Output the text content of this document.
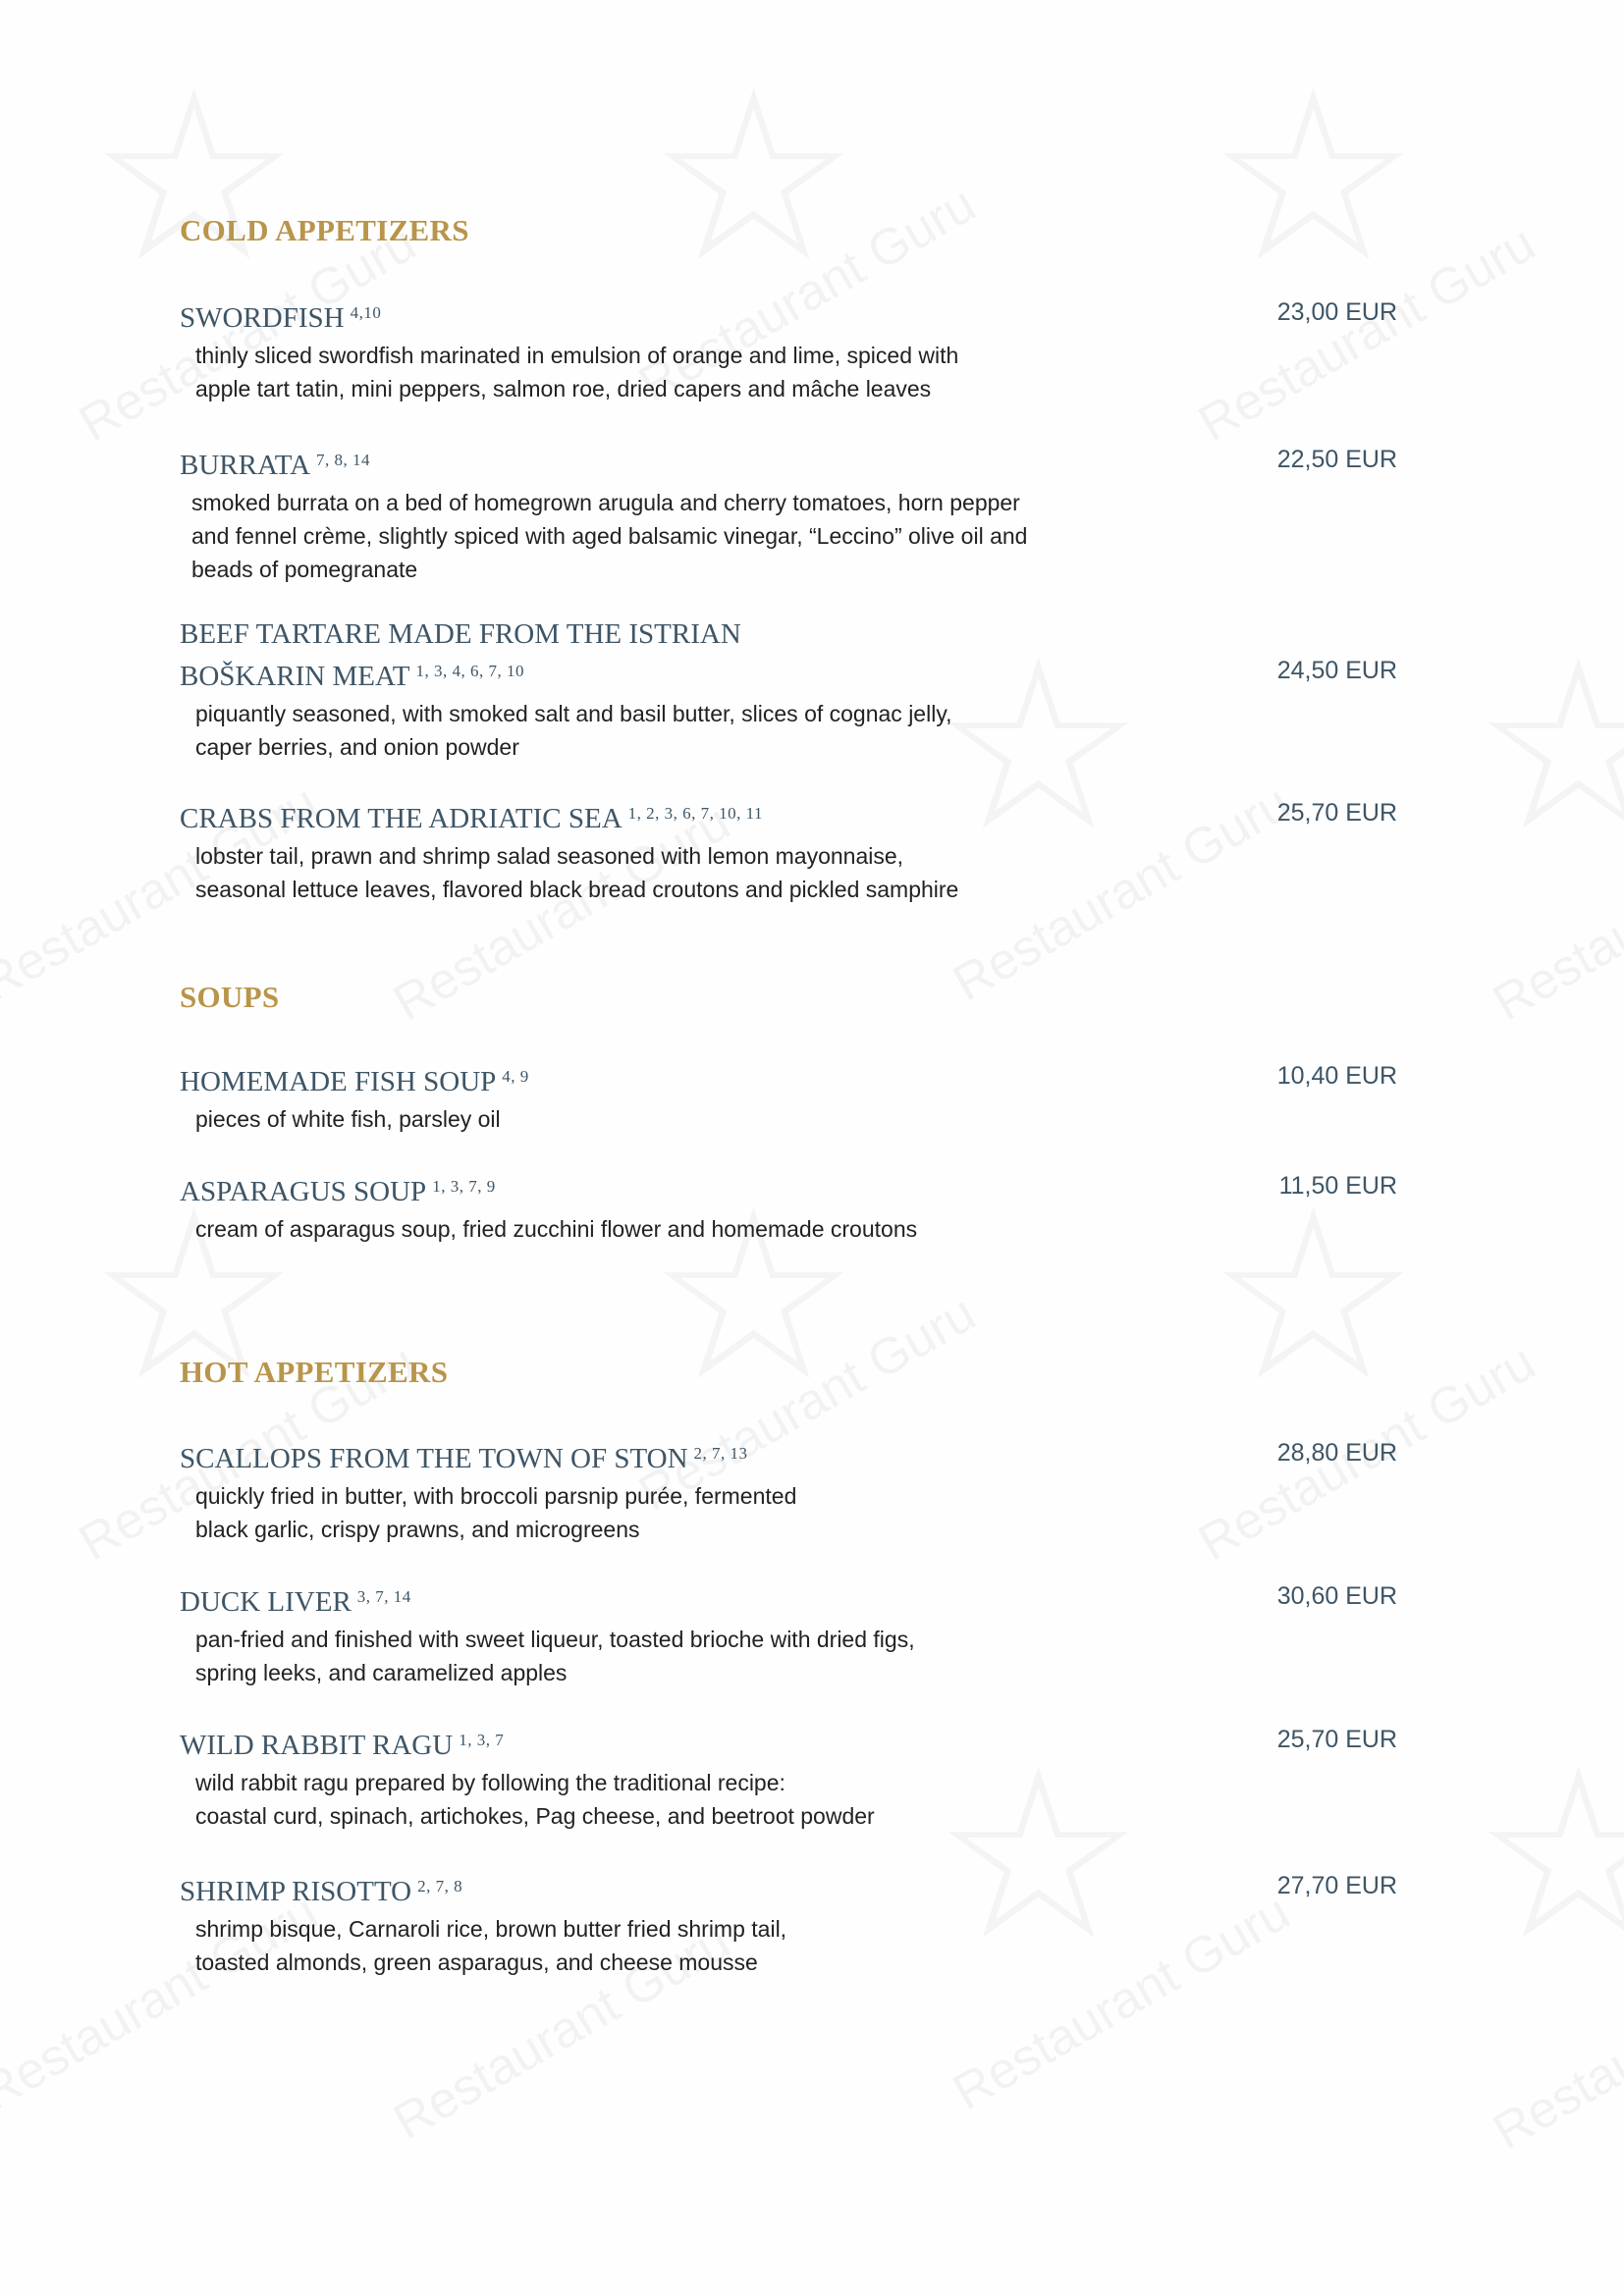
COLD APPETIZERS
SWORDFISH $^{4,10}$
thinly sliced swordfish marinated in emulsion of orange and lime, spiced with
apple tart tatin, mini peppers, salmon roe, dried capers and mâche leaves
23,00 EUR
BURRATA $^{7, 8, 14}$
smoked burrata on a bed of homegrown arugula and cherry tomatoes, horn pepper
and fennel crème, slightly spiced with aged balsamic vinegar, “Leccino” olive oil and
beads of pomegranate
22,50 EUR
BEEF TARTARE MADE FROM THE ISTRIAN BOŠKARIN MEAT $^{1, 3, 4, 6, 7, 10}$
piquantly seasoned, with smoked salt and basil butter, slices of cognac jelly,
caper berries, and onion powder
24,50 EUR
CRABS FROM THE ADRIATIC SEA $^{1, 2, 3, 6, 7, 10, 11}$
lobster tail, prawn and shrimp salad seasoned with lemon mayonnaise,
seasonal lettuce leaves, flavored black bread croutons and pickled samphire
25,70 EUR
SOUPS
HOMEMADE FISH SOUP $^{4, 9}$
pieces of white fish, parsley oil
10,40 EUR
ASPARAGUS SOUP $^{1, 3, 7, 9}$
cream of asparagus soup, fried zucchini flower and homemade croutons
11,50 EUR
HOT APPETIZERS
SCALLOPS FROM THE TOWN OF STON $^{2, 7, 13}$
quickly fried in butter, with broccoli parsnip purée, fermented
black garlic, crispy prawns, and microgreens
28,80 EUR
DUCK LIVER $^{3, 7, 14}$
pan-fried and finished with sweet liqueur, toasted brioche with dried figs,
spring leeks, and caramelized apples
30,60 EUR
WILD RABBIT RAGU $^{1, 3, 7}$
wild rabbit ragu prepared by following the traditional recipe:
coastal curd, spinach, artichokes, Pag cheese, and beetroot powder
25,70 EUR
SHRIMP RISOTTO $^{2, 7, 8}$
shrimp bisque, Carnaroli rice, brown butter fried shrimp tail,
toasted almonds, green asparagus, and cheese mousse
27,70 EUR
